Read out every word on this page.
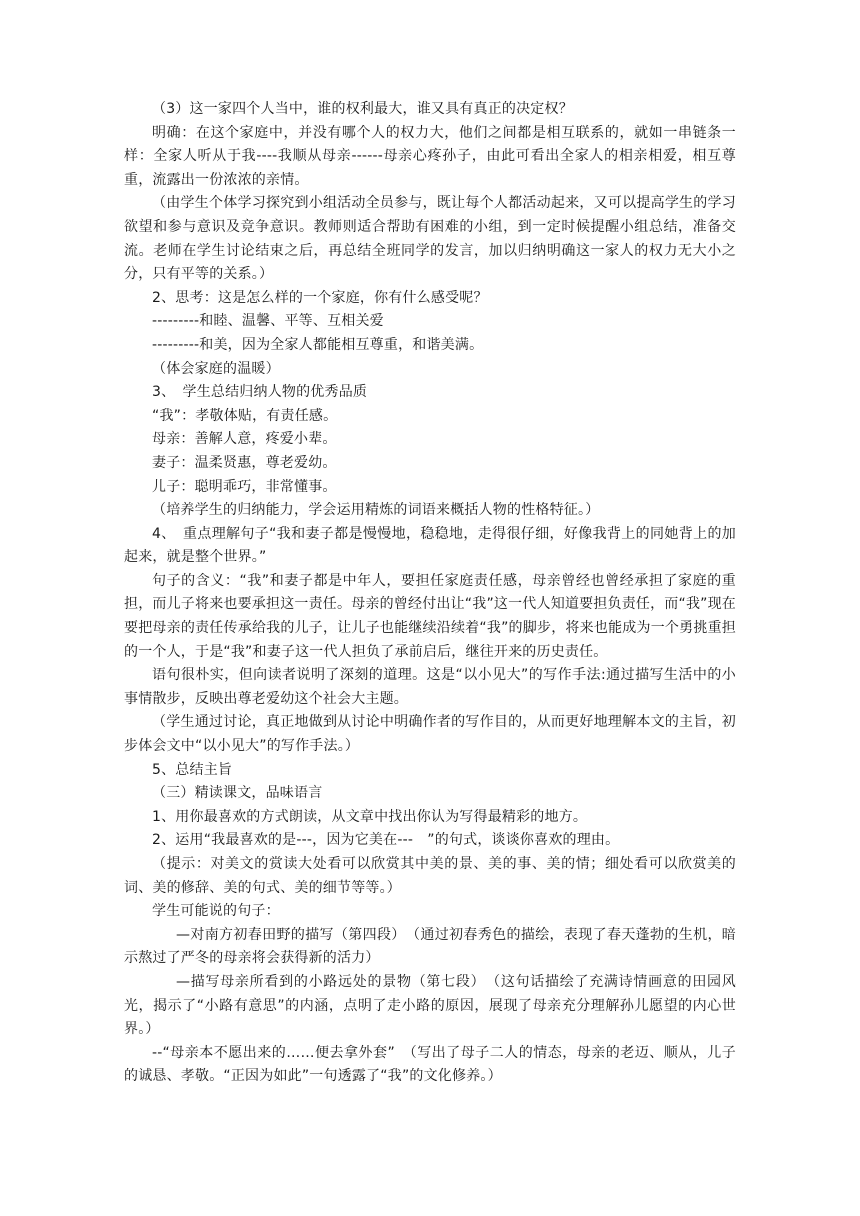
（3）这一家四个人当中，谁的权利最大，谁又具有真正的决定权？

明确：在这个家庭中，并没有哪个人的权力大，他们之间都是相互联系的，就如一串链条一样：全家人听从于我----我顺从母亲------母亲心疼孙子，由此可看出全家人的相亲相爱，相互尊重，流露出一份浓浓的亲情。

（由学生个体学习探究到小组活动全员参与，既让每个人都活动起来，又可以提高学生的学习欲望和参与意识及竞争意识。教师则适合帮助有困难的小组，到一定时候提醒小组总结，准备交流。老师在学生讨论结束之后，再总结全班同学的发言，加以归纳明确这一家人的权力无大小之分，只有平等的关系。）

2、思考：这是怎么样的一个家庭，你有什么感受呢？

---------和睦、温馨、平等、互相关爱

---------和美，因为全家人都能相互尊重，和谐美满。

（体会家庭的温暖）

3、　学生总结归纳人物的优秀品质

“我”：孝敬体贴，有责任感。

母亲：善解人意，疼爱小辈。

妻子：温柔贤惠，尊老爱幼。

儿子：聪明乖巧，非常懂事。

（培养学生的归纳能力，学会运用精炼的词语来概括人物的性格特征。）

4、　重点理解句子“我和妻子都是慢慢地，稳稳地，走得很仔细，好像我背上的同她背上的加起来，就是整个世界。”

句子的含义：“我”和妻子都是中年人，要担任家庭责任感，母亲曾经也曾经承担了家庭的重担，而儿子将来也要承担这一责任。母亲的曾经付出让“我”这一代人知道要担负责任，而“我”现在要把母亲的责任传承给我的儿子，让儿子也能继续沿续着“我”的脚步，将来也能成为一个勇挑重担的一个人，于是“我”和妻子这一代人担负了承前启后，继往开来的历史责任。

语句很朴实，但向读者说明了深刻的道理。这是“以小见大”的写作手法:通过描写生活中的小事情散步，反映出尊老爱幼这个社会大主题。

（学生通过讨论，真正地做到从讨论中明确作者的写作目的，从而更好地理解本文的主旨，初步体会文中“以小见大”的写作手法。）

5、总结主旨

（三）精读课文，品味语言

1、用你最喜欢的方式朗读，从文章中找出你认为写得最精彩的地方。

2、运用“我最喜欢的是---，因为它美在---　”的句式，谈谈你喜欢的理由。

（提示：对美文的赏读大处看可以欣赏其中美的景、美的事、美的情；细处看可以欣赏美的词、美的修辞、美的句式、美的细节等等。）

学生可能说的句子：

—对南方初春田野的描写（第四段）　（通过初春秀色的描绘，表现了春天蓬勃的生机，暗示熬过了严冬的母亲将会获得新的活力）

—描写母亲所看到的小路远处的景物（第七段）　（这句话描绘了充满诗情画意的田园风光，揭示了“小路有意思”的内涵，点明了走小路的原因，展现了母亲充分理解孙儿愿望的内心世界。）

--“母亲本不愿出来的……便去拿外套”　（写出了母子二人的情态，母亲的老迈、顺从，儿子的诚恳、孝敬。“正因为如此”一句透露了“我”的文化修养。）
